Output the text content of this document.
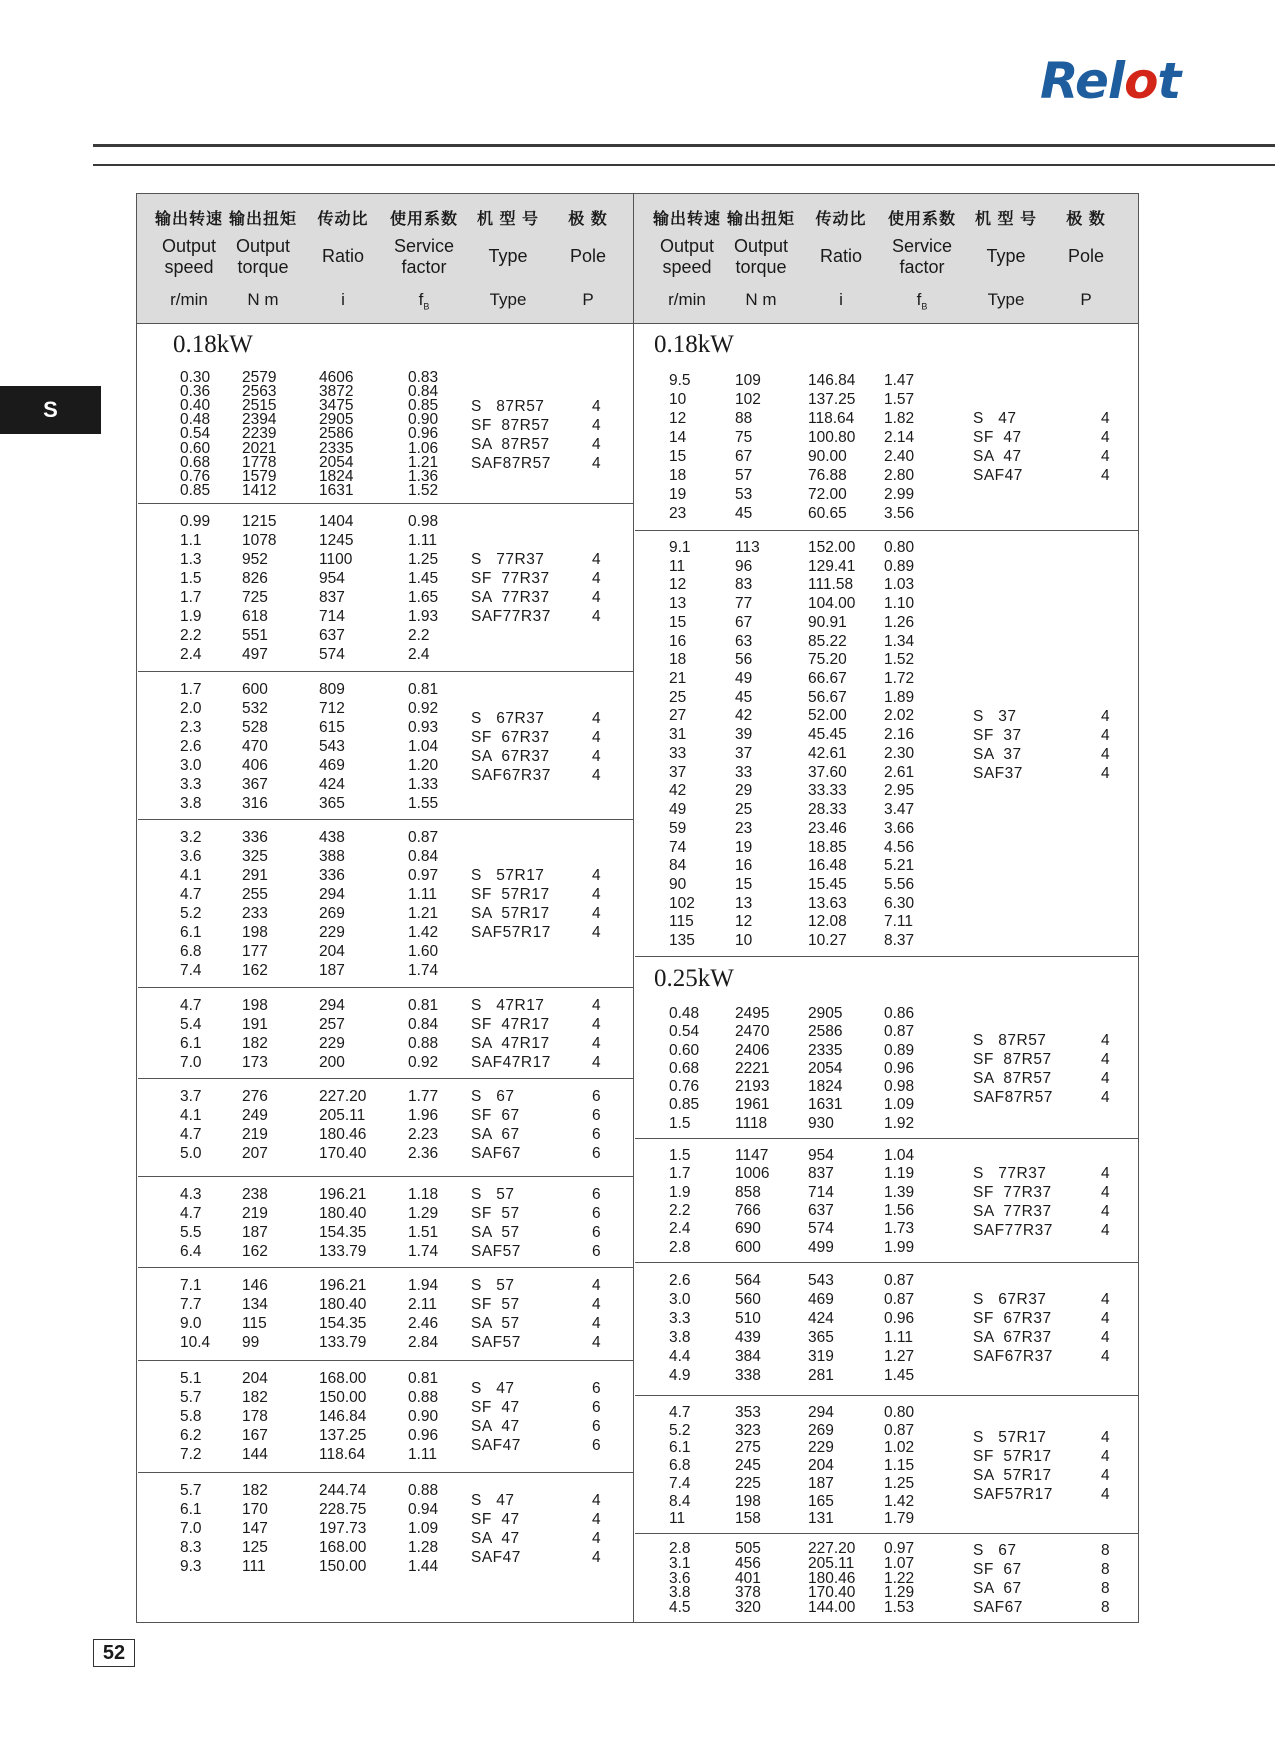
Relot
S
输出转速
Output
speed
r/min
输出扭矩
Output
torque
N m
传动比
Ratio
i
使用系数
Service
factor
$f_B$
机 型 号
Type
Type
极 数
Pole
P
输出转速
Output
speed
r/min
输出扭矩
Output
torque
N m
传动比
Ratio
i
使用系数
Service
factor
$f_B$
机 型 号
Type
Type
极 数
Pole
P
0.18kW
0.30
0.36
0.40
0.48
0.54
0.60
0.68
0.76
0.85
2579
2563
2515
2394
2239
2021
1778
1579
1412
4606
3872
3475
2905
2586
2335
2054
1824
1631
0.83
0.84
0.85
0.90
0.96
1.06
1.21
1.36
1.52
S   87R57
SF  87R57
SA  87R57
SAF87R57
4
4
4
4
0.99
1.1
1.3
1.5
1.7
1.9
2.2
2.4
1215
1078
952
826
725
618
551
497
1404
1245
1100
954
837
714
637
574
0.98
1.11
1.25
1.45
1.65
1.93
2.2
2.4
S   77R37
SF  77R37
SA  77R37
SAF77R37
4
4
4
4
1.7
2.0
2.3
2.6
3.0
3.3
3.8
600
532
528
470
406
367
316
809
712
615
543
469
424
365
0.81
0.92
0.93
1.04
1.20
1.33
1.55
S   67R37
SF  67R37
SA  67R37
SAF67R37
4
4
4
4
3.2
3.6
4.1
4.7
5.2
6.1
6.8
7.4
336
325
291
255
233
198
177
162
438
388
336
294
269
229
204
187
0.87
0.84
0.97
1.11
1.21
1.42
1.60
1.74
S   57R17
SF  57R17
SA  57R17
SAF57R17
4
4
4
4
4.7
5.4
6.1
7.0
198
191
182
173
294
257
229
200
0.81
0.84
0.88
0.92
S   47R17
SF  47R17
SA  47R17
SAF47R17
4
4
4
4
3.7
4.1
4.7
5.0
276
249
219
207
227.20
205.11
180.46
170.40
1.77
1.96
2.23
2.36
S   67
SF  67
SA  67
SAF67
6
6
6
6
4.3
4.7
5.5
6.4
238
219
187
162
196.21
180.40
154.35
133.79
1.18
1.29
1.51
1.74
S   57
SF  57
SA  57
SAF57
6
6
6
6
7.1
7.7
9.0
10.4
146
134
115
99
196.21
180.40
154.35
133.79
1.94
2.11
2.46
2.84
S   57
SF  57
SA  57
SAF57
4
4
4
4
5.1
5.7
5.8
6.2
7.2
204
182
178
167
144
168.00
150.00
146.84
137.25
118.64
0.81
0.88
0.90
0.96
1.11
S   47
SF  47
SA  47
SAF47
6
6
6
6
5.7
6.1
7.0
8.3
9.3
182
170
147
125
111
244.74
228.75
197.73
168.00
150.00
0.88
0.94
1.09
1.28
1.44
S   47
SF  47
SA  47
SAF47
4
4
4
4
0.18kW
9.5
10
12
14
15
18
19
23
109
102
88
75
67
57
53
45
146.84
137.25
118.64
100.80
90.00
76.88
72.00
60.65
1.47
1.57
1.82
2.14
2.40
2.80
2.99
3.56
S   47
SF  47
SA  47
SAF47
4
4
4
4
9.1
11
12
13
15
16
18
21
25
27
31
33
37
42
49
59
74
84
90
102
115
135
113
96
83
77
67
63
56
49
45
42
39
37
33
29
25
23
19
16
15
13
12
10
152.00
129.41
111.58
104.00
90.91
85.22
75.20
66.67
56.67
52.00
45.45
42.61
37.60
33.33
28.33
23.46
18.85
16.48
15.45
13.63
12.08
10.27
0.80
0.89
1.03
1.10
1.26
1.34
1.52
1.72
1.89
2.02
2.16
2.30
2.61
2.95
3.47
3.66
4.56
5.21
5.56
6.30
7.11
8.37
S   37
SF  37
SA  37
SAF37
4
4
4
4
0.25kW
0.48
0.54
0.60
0.68
0.76
0.85
1.5
2495
2470
2406
2221
2193
1961
1118
2905
2586
2335
2054
1824
1631
930
0.86
0.87
0.89
0.96
0.98
1.09
1.92
S   87R57
SF  87R57
SA  87R57
SAF87R57
4
4
4
4
1.5
1.7
1.9
2.2
2.4
2.8
1147
1006
858
766
690
600
954
837
714
637
574
499
1.04
1.19
1.39
1.56
1.73
1.99
S   77R37
SF  77R37
SA  77R37
SAF77R37
4
4
4
4
2.6
3.0
3.3
3.8
4.4
4.9
564
560
510
439
384
338
543
469
424
365
319
281
0.87
0.87
0.96
1.11
1.27
1.45
S   67R37
SF  67R37
SA  67R37
SAF67R37
4
4
4
4
4.7
5.2
6.1
6.8
7.4
8.4
11
353
323
275
245
225
198
158
294
269
229
204
187
165
131
0.80
0.87
1.02
1.15
1.25
1.42
1.79
S   57R17
SF  57R17
SA  57R17
SAF57R17
4
4
4
4
2.8
3.1
3.6
3.8
4.5
505
456
401
378
320
227.20
205.11
180.46
170.40
144.00
0.97
1.07
1.22
1.29
1.53
S   67
SF  67
SA  67
SAF67
8
8
8
8
52
